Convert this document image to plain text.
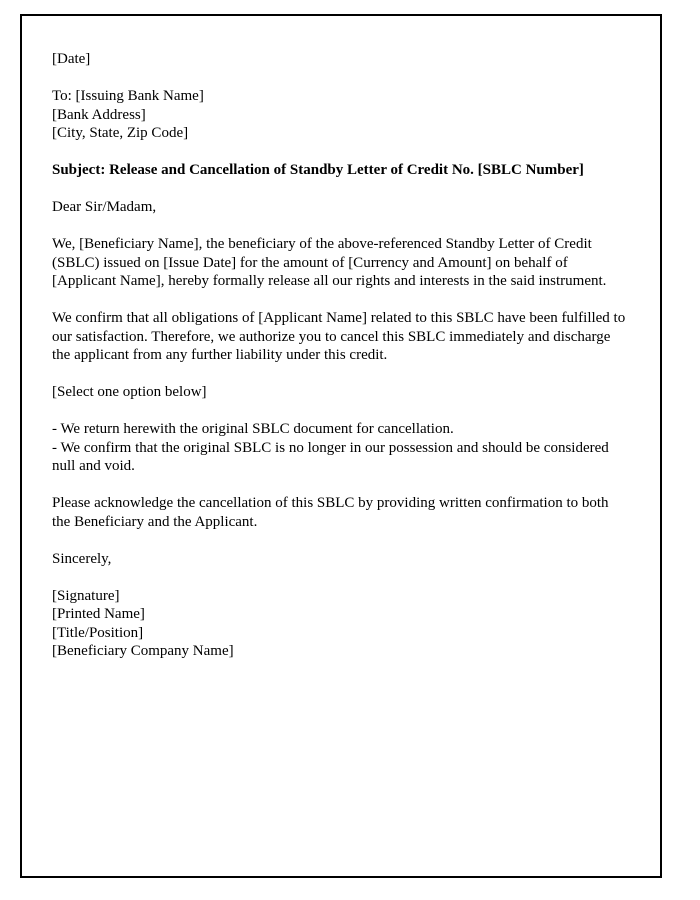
[Date]
To: [Issuing Bank Name]
[Bank Address]
[City, State, Zip Code]
Subject: Release and Cancellation of Standby Letter of Credit No. [SBLC Number]
Dear Sir/Madam,

We, [Beneficiary Name], the beneficiary of the above-referenced Standby Letter of Credit (SBLC) issued on [Issue Date] for the amount of [Currency and Amount] on behalf of [Applicant Name], hereby formally release all our rights and interests in the said instrument.

We confirm that all obligations of [Applicant Name] related to this SBLC have been fulfilled to our satisfaction. Therefore, we authorize you to cancel this SBLC immediately and discharge the applicant from any further liability under this credit.

[Select one option below]

- We return herewith the original SBLC document for cancellation.

- We confirm that the original SBLC is no longer in our possession and should be considered null and void.

Please acknowledge the cancellation of this SBLC by providing written confirmation to both the Beneficiary and the Applicant.

Sincerely,
[Signature]
[Printed Name]
[Title/Position]
[Beneficiary Company Name]
